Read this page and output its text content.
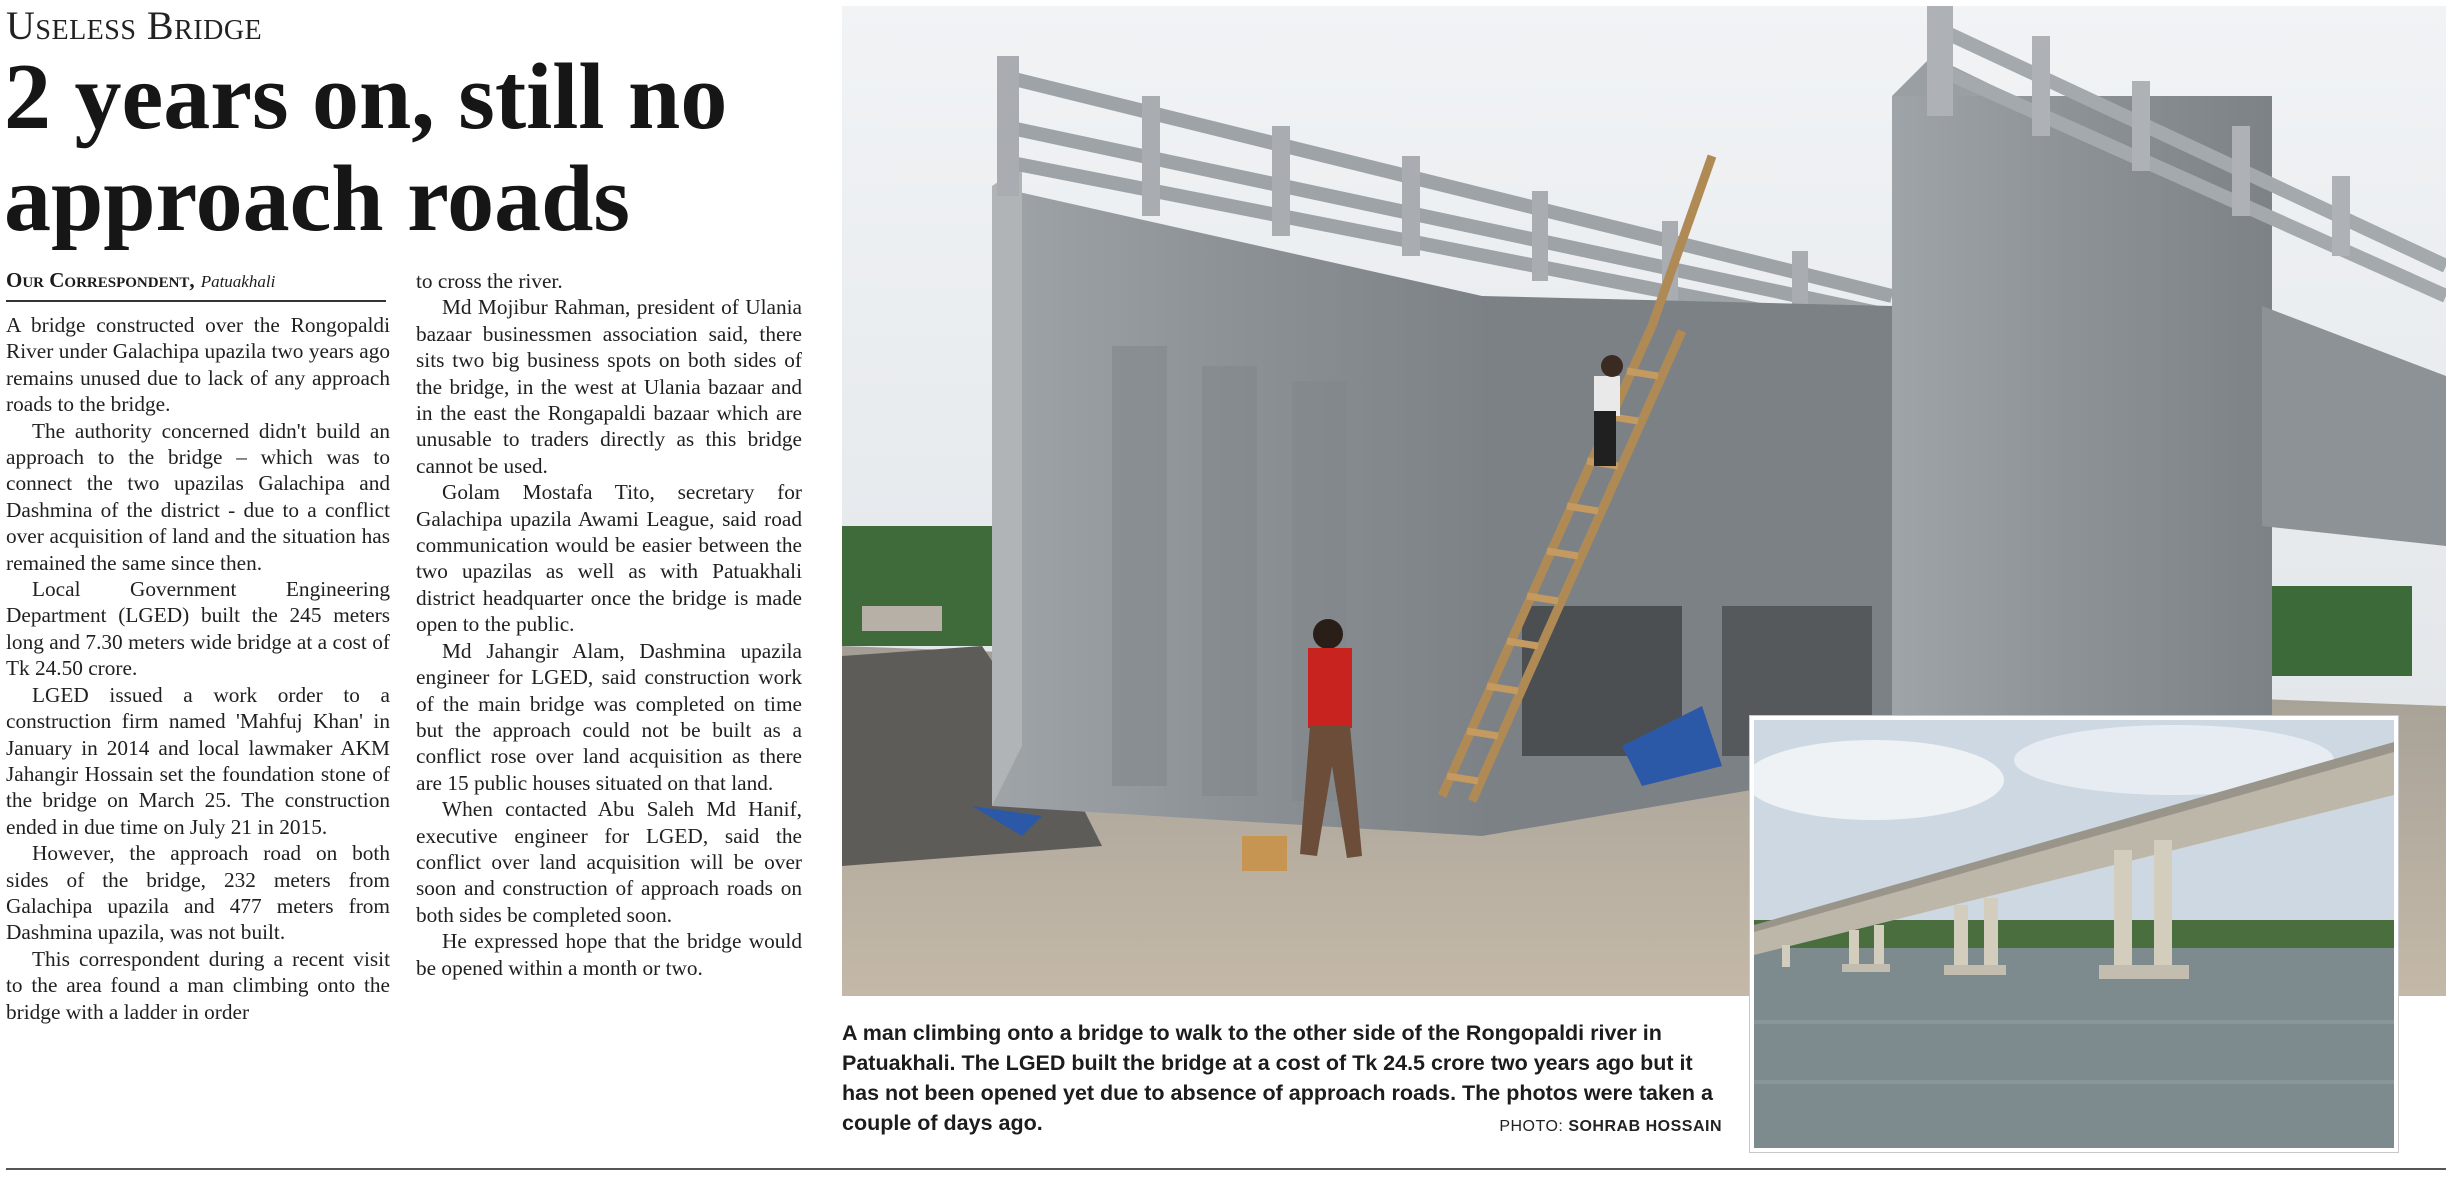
Useless Bridge
2 years on, still no approach roads
Our Correspondent, Patuakhali

A bridge constructed over the Rongopaldi River under Galachipa upazila two years ago remains unused due to lack of any approach roads to the bridge.

The authority concerned didn't build an approach to the bridge – which was to connect the two upazilas Galachipa and Dashmina of the district - due to a conflict over acquisition of land and the situation has remained the same since then.

Local Government Engineering Department (LGED) built the 245 meters long and 7.30 meters wide bridge at a cost of Tk 24.50 crore.

LGED issued a work order to a construction firm named 'Mahfuj Khan' in January in 2014 and local lawmaker AKM Jahangir Hossain set the foundation stone of the bridge on March 25. The construction ended in due time on July 21 in 2015.

However, the approach road on both sides of the bridge, 232 meters from Galachipa upazila and 477 meters from Dashmina upazila, was not built.

This correspondent during a recent visit to the area found a man climbing onto the bridge with a ladder in order

to cross the river.

Md Mojibur Rahman, president of Ulania bazaar businessmen association said, there sits two big business spots on both sides of the bridge, in the west at Ulania bazaar and in the east the Rongapaldi bazaar which are unusable to traders directly as this bridge cannot be used.

Golam Mostafa Tito, secretary for Galachipa upazila Awami League, said road communication would be easier between the two upazilas as well as with Patuakhali district headquarter once the bridge is made open to the public.

Md Jahangir Alam, Dashmina upazila engineer for LGED, said construction work of the main bridge was completed on time but the approach could not be built as a conflict rose over land acquisition as there are 15 public houses situated on that land.

When contacted Abu Saleh Md Hanif, executive engineer for LGED, said the conflict over land acquisition will be over soon and construction of approach roads on both sides be completed soon.

He expressed hope that the bridge would be opened within a month or two.

A man climbing onto a bridge to walk to the other side of the Rongopaldi river in Patuakhali. The LGED built the bridge at a cost of Tk 24.5 crore two years ago but it has not been opened yet due to absence of approach roads. The photos were taken a couple of days ago.	PHOTO: SOHRAB HOSSAIN
